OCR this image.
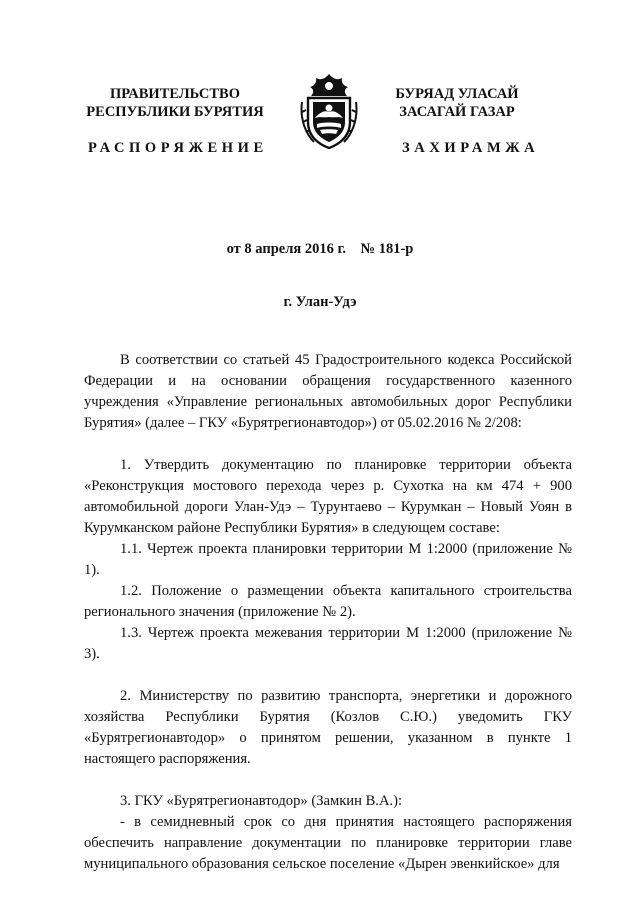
ПРАВИТЕЛЬСТВО
РЕСПУБЛИКИ БУРЯТИЯ
РАСПОРЯЖЕНИЕ
БУРЯАД УЛАСАЙ
ЗАСАГАЙ ГАЗАР
ЗАХИРАМЖА
от 8 апреля 2016 г.    № 181-р
г. Улан-Удэ

В соответствии со статьей 45 Градостроительного кодекса Российской Федерации и на основании обращения государственного казенного учреждения «Управление региональных автомобильных дорог Республики Бурятия» (далее – ГКУ «Бурятрегионавтодор») от 05.02.2016 № 2/208:

1. Утвердить документацию по планировке территории объекта «Реконструкция мостового перехода через р. Сухотка на км 474 + 900 автомобильной дороги Улан-Удэ – Турунтаево – Курумкан – Новый Уоян в Курумканском районе Республики Бурятия» в следующем составе:

1.1. Чертеж проекта планировки территории М 1:2000 (приложение № 1).

1.2. Положение о размещении объекта капитального строительства регионального значения (приложение № 2).

1.3. Чертеж проекта межевания территории М 1:2000 (приложение № 3).

2. Министерству по развитию транспорта, энергетики и дорожного хозяйства Республики Бурятия (Козлов С.Ю.) уведомить ГКУ «Бурятрегионавтодор» о принятом решении, указанном в пункте 1 настоящего распоряжения.

3. ГКУ «Бурятрегионавтодор» (Замкин В.А.):

- в семидневный срок со дня принятия настоящего распоряжения обеспечить направление документации по планировке территории главе муниципального образования сельское поселение «Дырен эвенкийское» для
